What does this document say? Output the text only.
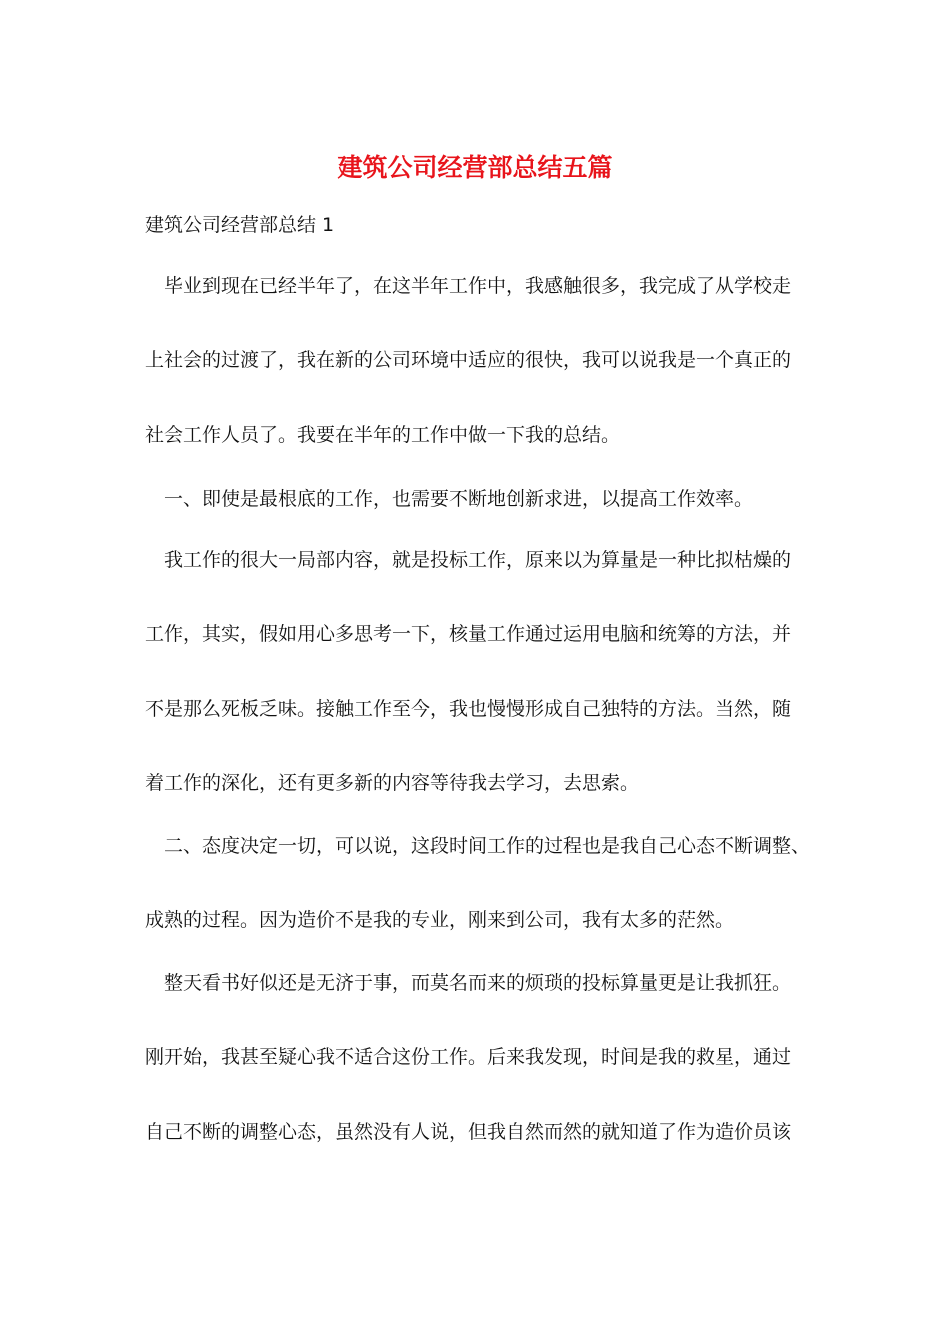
建筑公司经营部总结五篇

建筑公司经营部总结 1

毕业到现在已经半年了，在这半年工作中，我感触很多，我完成了从学校走

上社会的过渡了，我在新的公司环境中适应的很快，我可以说我是一个真正的

社会工作人员了。我要在半年的工作中做一下我的总结。

一、即使是最根底的工作，也需要不断地创新求进，以提高工作效率。

我工作的很大一局部内容，就是投标工作，原来以为算量是一种比拟枯燥的

工作，其实，假如用心多思考一下，核量工作通过运用电脑和统筹的方法，并

不是那么死板乏味。接触工作至今，我也慢慢形成自己独特的方法。当然，随

着工作的深化，还有更多新的内容等待我去学习，去思索。

二、态度决定一切，可以说，这段时间工作的过程也是我自己心态不断调整、

成熟的过程。因为造价不是我的专业，刚来到公司，我有太多的茫然。

整天看书好似还是无济于事，而莫名而来的烦琐的投标算量更是让我抓狂。

刚开始，我甚至疑心我不适合这份工作。后来我发现，时间是我的救星，通过

自己不断的调整心态，虽然没有人说，但我自然而然的就知道了作为造价员该
